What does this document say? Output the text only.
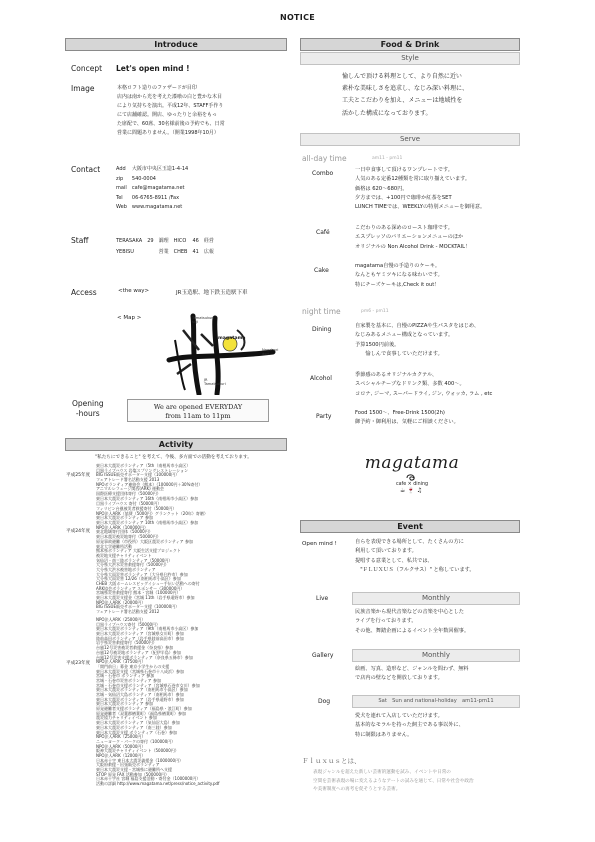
NOTICE
Introduce
Concept Let's open mind !
Image	本格ロフト造りのファザードが目印
店内は南から光を考えた漆喰の白と豊かな木目
により気持ちを演出。平成12年、STAFF手作り
にて店舗確認。開店、ゆったりと余裕をもっ
た席配で、60席、30名様前後の予約でも、日常
営業に問題ありません。（開業1998年10月）
Contact	Add	大阪市中央区玉造1-4-14
zip	540-0004
mail	cafe@magatama.net
Tel	06-6765-8911 /Fax
Web	www.magatama.net
Staff	TERASAKA	29	調理	HICO	46	経営
YEBISU		営業	CHEB	41	広報
Access	<the way>	JR玉造駅、地下鉄玉造駅下車
< Map >	Tamatsukuri
suji
magatama
Nagahori
dori
JR
Tamatsukuri
Opening
-hours
We are opened EVERYDAY
from 11am to 11pm
Activity
"私たちにできること" を考えて、今後、多方面での活動を考えております。
平成25年度
東日本大震災ボランティア（5th（南相馬市小高区）
目黒ライブハウス 岩塩スプリングレストレーション
BIG ISSUE販売サポーター支援（100000円）
フェアトレード署名活動支援 2013
NPOボランティア連絡会（熊本）（100000円＋30%寄付）
アニマルレフュージ関西(ARK) 運動会
国際医療支援団体寄付（50000円）
東日本大震災ボランティア 16th（南相馬市小高区）参加
目黒ライブハウス 寄付（50000円）
平成24年度
フィリピン台風被災者救援寄付（50000円）
NPO法人ARK（協賛（5000円）グランクット（20年）寄贈）
東日本大震災ボランティア 参加
東日本大震災ボランティア 10th（南相馬市小高区）参加
NPO法人ARK（100000円）
東北地域寄付団体（50000円）
東日本震災被災地寄付（50000円）
原発事故避難（市役所）大阪区震災ボランティア 参加
東北大学避難所活動
熊本県ボランティア 大阪生活支援プロジェクト
被災地支援チャリティイベント
気仙沼・南三陸ボランティア（50000円）
大分県大洪水災害救援寄付（50000円）
大分県大洪水被害地ボランティア
大分県大雨災害ボランティア（大分県臼杵市）参加
大分県大雨災害 12/26（南相馬市小高区）参加
CHEB 大阪ホームレスビッグイシュー手伝い活動への寄付
ARK協会ボランティア スポンサー（300000円）
宮城県災害救援寄付 熊本・宮城（100000円）
東日本大震災支援金（宮城 11th（岩手県遠野市）参加
NPO法人ARK（20000円）
BIG ISSUE販売サポーター支援（100000円）
フェアトレード署名活動支援 2012
平成23年度
NPO法人ARK（25000円）
目黒ライブハウス寄付（50000円）
東日本大震災ボランティア（9th（南相馬市小高区）参加
東日本大震災ボランティア（宮城県女川町）参加
陸前高田ボランティア（岩手県陸前高田市）参加
岩手県災害救援寄付（50000円）
台風12号災害被災者救援金（奈良県）参加
台風12号被災地ボランティア（紀伊半島）参加
台風12号災害支援ボランティア（奈良県五條市）参加
NPO法人ARK（37500円）
「開門前日」募金 東京小学生からの支援
東日本大震災支援（宮城県石巻市十八成浜）参加
宮城・石巻市 ボランティア 参加
宮城・石巻市災害ボランティア 参加
宮城・石巻市支援ボランティア（宮城県石巻市女川）参加
東日本大震災ボランティア（南相馬市小高区）参加
宮城・気仙沼大島ボランティア（南相馬市）参加
東日本大震災ボランティア（岩手県遠野市）参加
東日本大震災ボランティア 参加
原発避難者支援ボランティア（福島県・浪江町）参加
原発避難者（双葉郡楢葉町）（福島県楢葉町）参加
震災協力チャリティイベント 参加
東日本大震災ボランティア（気仙沼大島）参加
東日本大震災ボランティア（南三陸）参加
東日本大震災支援 ボランティア（石巻）参加
NPO法人ARK（25000円）
ニューヨーク・パークの寄付（100000円）
NPO法人ARK（50000円）
阪神大震災チャリティイベント（500000円）
NPO法人ARK（12000円）
日本赤十字 東日本大震災義援金（1000000円）
大阪府救援・出張販売ボランティア
東日本大震災支援・宮城県に避難所へ支援
STOP 原発 FAX 活動参加（500000円）
日本赤十字社 宮城 福島支援活動・寄付金（1000000円）
活動の詳細 http://www.magatama.net/press/notice_activity.pdf
Food & Drink
Style
愉しんで頂ける料理として、より自然に近い
素朴な美味しさを追求し、なじみ深い料理に、
工夫とこだわりを加え、メニューは地域性を
活かした構成になっております。
Serve
all-day time	am11 - pm11
Combo	一日中食事して頂けるワンプレートです。
人気のある定番12種類を常に取り揃えています。
価格は 620～680円。
夕方までは、+100円で珈琲か紅茶をSET
LUNCH TIMEでは、WEEKLYの特別メニューを御用意。
Café
こだわりのある深めのロースト珈琲です。
エスプレッソのバリエーションメニューのほか
オリジナルの Non Alcohol Drink - MOCKTAIL！
Cake
magatama自慢の手造りのケーキ。
なんともヤミツキになる味わいです。
特にチーズケーキは,Check it out！
night time	pm6 - pm11
Dining	自家製を基本に、自慢のPIZZAや生パスタをはじめ、
なじみあるメニュー構成となっています。
予算1500円前後。
　　愉しんで食事していただけます。
Alcohol	季節感のあるオリジナルカクテル、
スペシャルチープなドリンク類、多数 400～。
コロナ, ジーマ, スーパードライ, ジン, ウォッカ, ラム , etc
Party	Food 1500～、Free-Drink 1500(2h)
御予約・御利用は、気軽にご相談ください。
magatama
cafe × dining
☕🍷♫
Event
Open mind !	自らを表現できる場所として、たくさんの方に
利用して頂いております。
提唱する意業として、私共では、
　"ＦＬＵＸＵＳ（フルクサス）" と称しています。
Live	Monthly
民族音楽から現代音楽などの音楽を中心とした
ライブを行っております。
その他、舞踏企画によるイベント全年数回催事。
Gallery	Monthly
絵画、写真、造形など、ジャンルを問わず、無料
で店内の壁などを開放しております。
Dog	Sat　Sun and national-holiday　am11-pm11
愛犬を連れて入店していただけます。
基本的なモラルを持った飼主である事以外に、
特に制限はありません。
Ｆｌｕｘｕｓとは、
表現ジャンルを超えた新しい芸術的運動を試み、イベントや日常の
空間を芸術表現の場に変えるようなアートの試みを通じて、日常や社会や政治
や美術制度への再考を促そうとする芸術。
